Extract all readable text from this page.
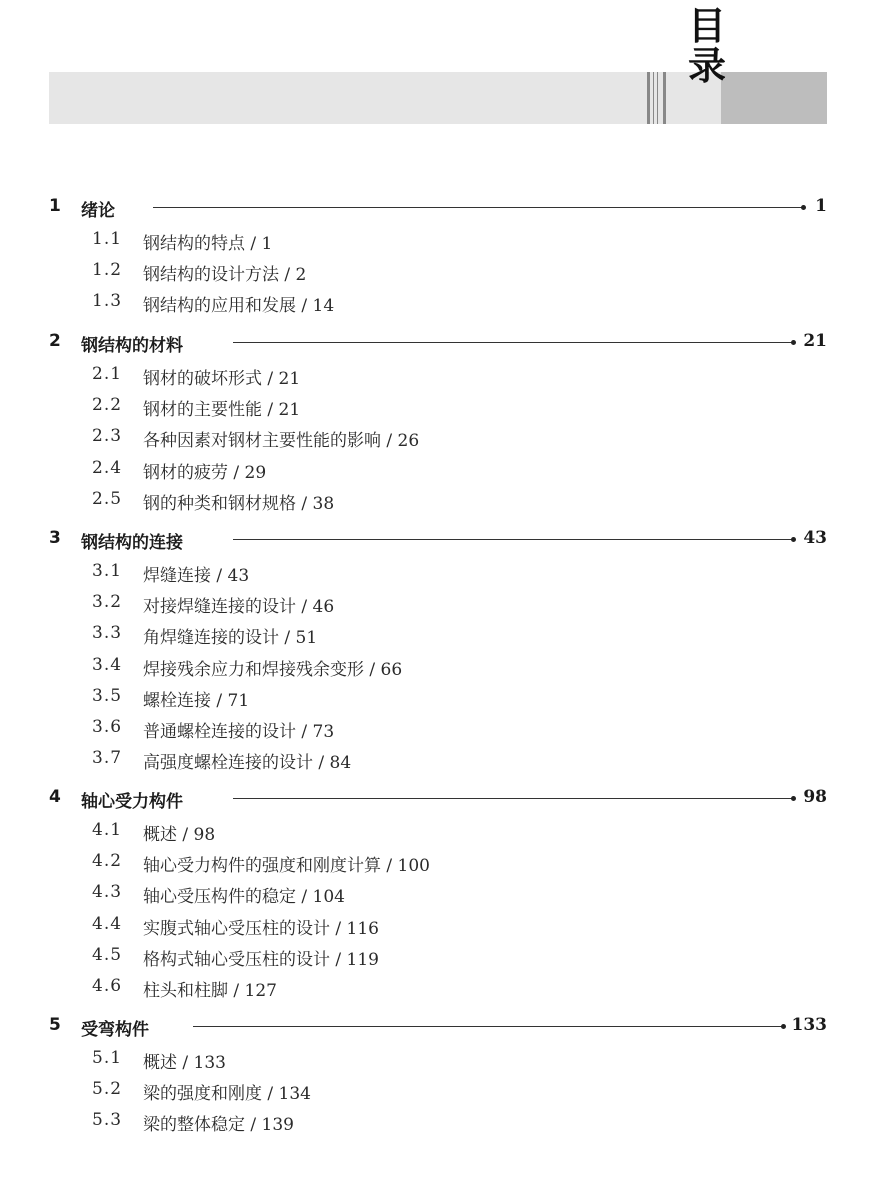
目 录
1 绪论	1
1.1 钢结构的特点 / 1
1.2 钢结构的设计方法 / 2
1.3 钢结构的应用和发展 / 14
2 钢结构的材料	21
2.1 钢材的破坏形式 / 21
2.2 钢材的主要性能 / 21
2.3 各种因素对钢材主要性能的影响 / 26
2.4 钢材的疲劳 / 29
2.5 钢的种类和钢材规格 / 38
3 钢结构的连接	43
3.1 焊缝连接 / 43
3.2 对接焊缝连接的设计 / 46
3.3 角焊缝连接的设计 / 51
3.4 焊接残余应力和焊接残余变形 / 66
3.5 螺栓连接 / 71
3.6 普通螺栓连接的设计 / 73
3.7 高强度螺栓连接的设计 / 84
4 轴心受力构件	98
4.1 概述 / 98
4.2 轴心受力构件的强度和刚度计算 / 100
4.3 轴心受压构件的稳定 / 104
4.4 实腹式轴心受压柱的设计 / 116
4.5 格构式轴心受压柱的设计 / 119
4.6 柱头和柱脚 / 127
5 受弯构件	133
5.1 概述 / 133
5.2 梁的强度和刚度 / 134
5.3 梁的整体稳定 / 139
